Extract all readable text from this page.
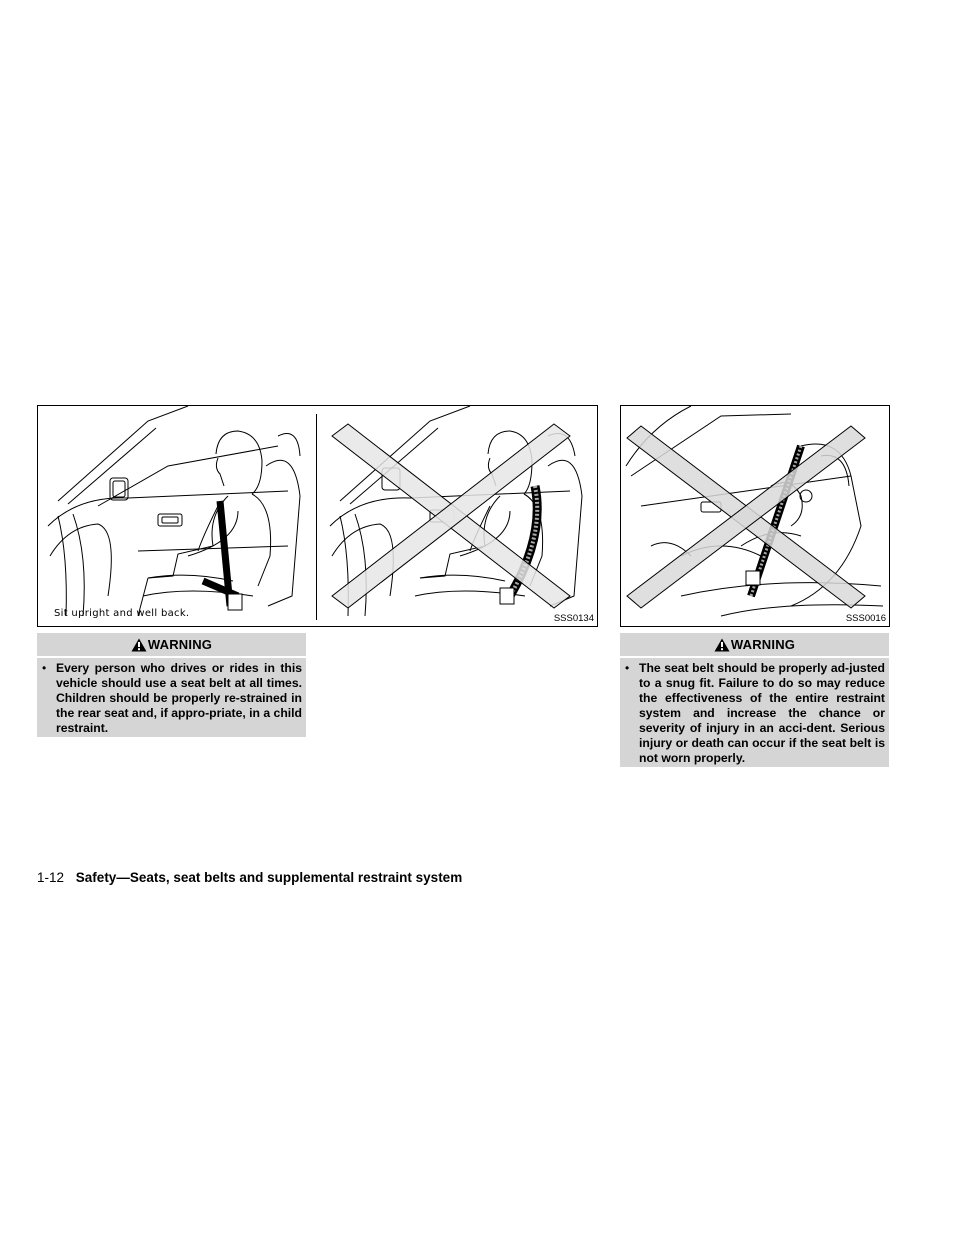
Sit upright and well back.	SSS0134	SSS0016
WARNING
• Every person who drives or rides in this vehicle should use a seat belt at all times. Children should be properly re-strained in the rear seat and, if appro-priate, in a child restraint.
WARNING
• The seat belt should be properly ad-justed to a snug fit. Failure to do so may reduce the effectiveness of the entire restraint system and increase the chance or severity of injury in an acci-dent. Serious injury or death can occur if the seat belt is not worn properly.
1-12 Safety—Seats, seat belts and supplemental restraint system
